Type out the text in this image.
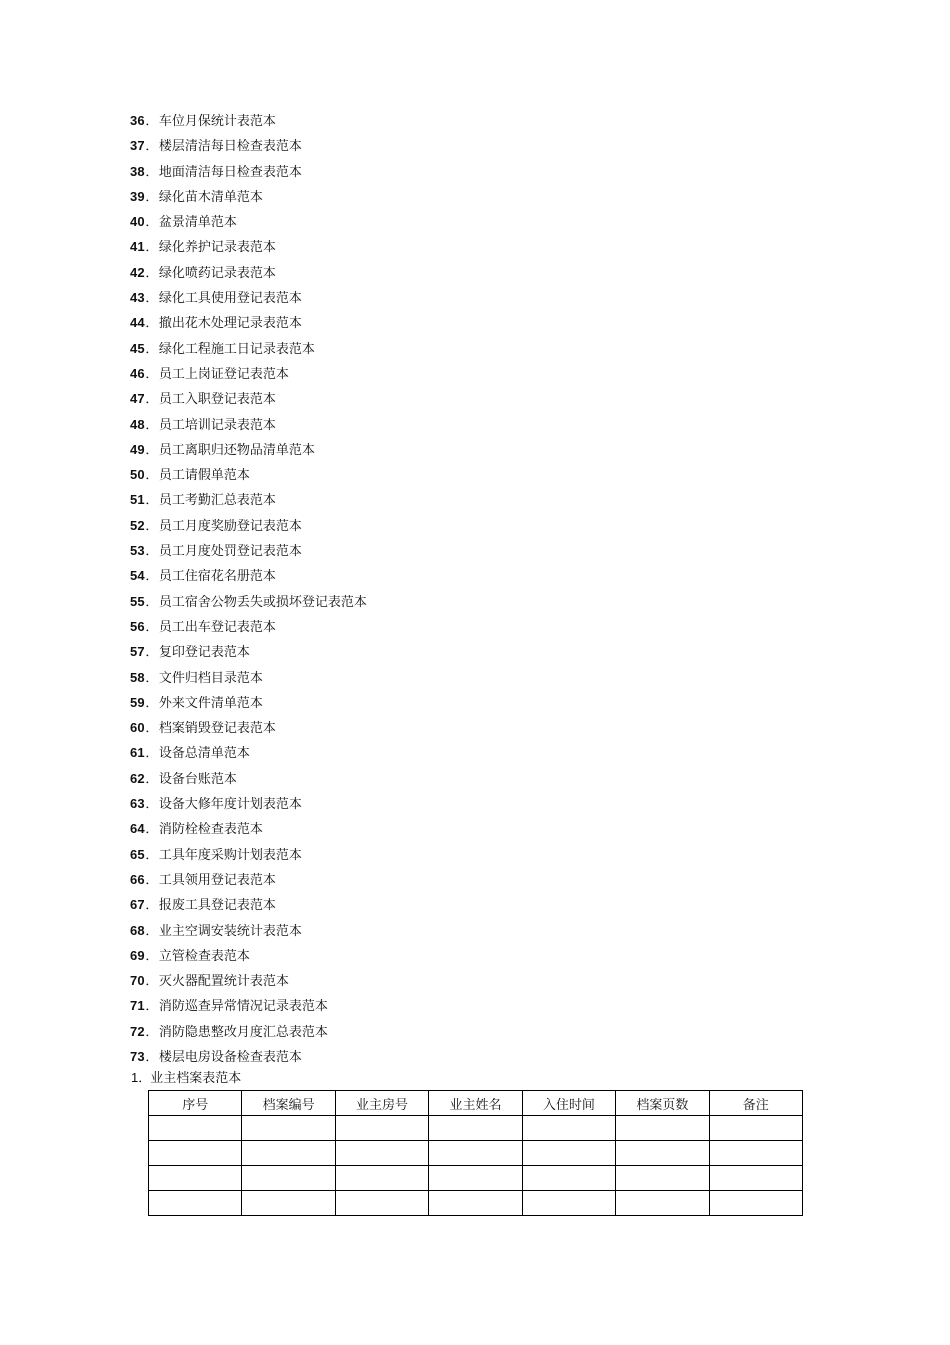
36．车位月保统计表范本
37．楼层清洁每日检查表范本
38．地面清洁每日检查表范本
39．绿化苗木清单范本
40．盆景清单范本
41．绿化养护记录表范本
42．绿化喷药记录表范本
43．绿化工具使用登记表范本
44．撤出花木处理记录表范本
45．绿化工程施工日记录表范本
46．员工上岗证登记表范本
47．员工入职登记表范本
48．员工培训记录表范本
49．员工离职归还物品清单范本
50．员工请假单范本
51．员工考勤汇总表范本
52．员工月度奖励登记表范本
53．员工月度处罚登记表范本
54．员工住宿花名册范本
55．员工宿舍公物丢失或损坏登记表范本
56．员工出车登记表范本
57．复印登记表范本
58．文件归档目录范本
59．外来文件清单范本
60．档案销毁登记表范本
61．设备总清单范本
62．设备台账范本
63．设备大修年度计划表范本
64．消防栓检查表范本
65．工具年度采购计划表范本
66．工具领用登记表范本
67．报废工具登记表范本
68．业主空调安装统计表范本
69．立管检查表范本
70．灭火器配置统计表范本
71．消防巡查异常情况记录表范本
72．消防隐患整改月度汇总表范本
73．楼层电房设备检查表范本
1．业主档案表范本
序号	档案编号	业主房号	业主姓名	入住时间	档案页数	备注
